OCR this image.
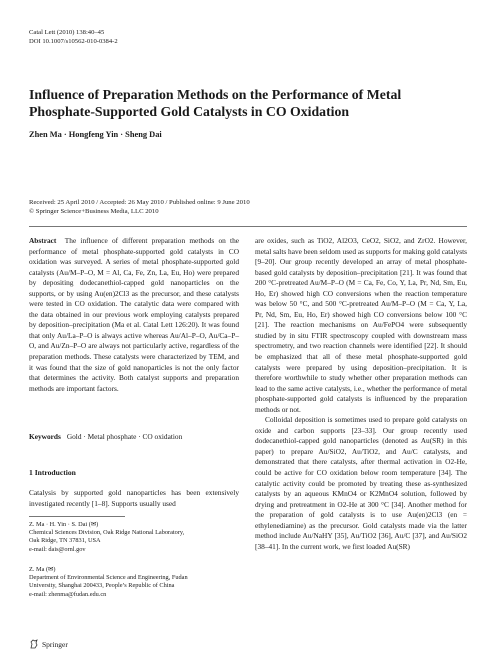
Catal Lett (2010) 138:40–45
DOI 10.1007/s10562-010-0384-2
Influence of Preparation Methods on the Performance of Metal Phosphate-Supported Gold Catalysts in CO Oxidation
Zhen Ma · Hongfeng Yin · Sheng Dai
Received: 25 April 2010 / Accepted: 26 May 2010 / Published online: 9 June 2010
© Springer Science+Business Media, LLC 2010

Abstract The influence of different preparation methods on the performance of metal phosphate-supported gold catalysts in CO oxidation was surveyed. A series of metal phosphate-supported gold catalysts (Au/M–P–O, M = Al, Ca, Fe, Zn, La, Eu, Ho) were prepared by depositing dodecanethiol-capped gold nanoparticles on the supports, or by using Au(en)2Cl3 as the precursor, and these catalysts were tested in CO oxidation. The catalytic data were compared with the data obtained in our previous work employing catalysts prepared by deposition–precipitation (Ma et al. Catal Lett 126:20). It was found that only Au/La–P–O is always active whereas Au/Al–P–O, Au/Ca–P–O, and Au/Zn–P–O are always not particularly active, regardless of the preparation methods. These catalysts were characterized by TEM, and it was found that the size of gold nanoparticles is not the only factor that determines the activity. Both catalyst supports and preparation methods are important factors.

Keywords Gold · Metal phosphate · CO oxidation
1 Introduction
Catalysis by supported gold nanoparticles has been extensively investigated recently [1–8]. Supports usually used
Z. Ma · H. Yin · S. Dai (✉)
Chemical Sciences Division, Oak Ridge National Laboratory,
Oak Ridge, TN 37831, USA
e-mail: dais@ornl.gov
Z. Ma (✉)
Department of Environmental Science and Engineering, Fudan
University, Shanghai 200433, People’s Republic of China
e-mail: zhenma@fudan.edu.cn

are oxides, such as TiO2, Al2O3, CeO2, SiO2, and ZrO2. However, metal salts have been seldom used as supports for making gold catalysts [9–20]. Our group recently developed an array of metal phosphate-based gold catalysts by deposition–precipitation [21]. It was found that 200 °C-pretreated Au/M–P–O (M = Ca, Fe, Co, Y, La, Pr, Nd, Sm, Eu, Ho, Er) showed high CO conversions when the reaction temperature was below 50 °C, and 500 °C-pretreated Au/M–P–O (M = Ca, Y, La, Pr, Nd, Sm, Eu, Ho, Er) showed high CO conversions below 100 °C [21]. The reaction mechanisms on Au/FePO4 were subsequently studied by in situ FTIR spectroscopy coupled with downstream mass spectrometry, and two reaction channels were identified [22]. It should be emphasized that all of these metal phosphate-supported gold catalysts were prepared by using deposition–precipitation. It is therefore worthwhile to study whether other preparation methods can lead to the same active catalysts, i.e., whether the performance of metal phosphate-supported gold catalysts is influenced by the preparation methods or not.

Colloidal deposition is sometimes used to prepare gold catalysts on oxide and carbon supports [23–33]. Our group recently used dodecanethiol-capped gold nanoparticles (denoted as Au(SR) in this paper) to prepare Au/SiO2, Au/TiO2, and Au/C catalysts, and demonstrated that there catalysts, after thermal activation in O2-He, could be active for CO oxidation below room temperature [34]. The catalytic activity could be promoted by treating these as-synthesized catalysts by an aqueous KMnO4 or K2MnO4 solution, followed by drying and pretreatment in O2-He at 300 °C [34]. Another method for the preparation of gold catalysts is to use Au(en)2Cl3 (en = ethylenediamine) as the precursor. Gold catalysts made via the latter method include Au/NaHY [35], Au/TiO2 [36], Au/C [37], and Au/SiO2 [38–41]. In the current work, we first loaded Au(SR)

Springer
